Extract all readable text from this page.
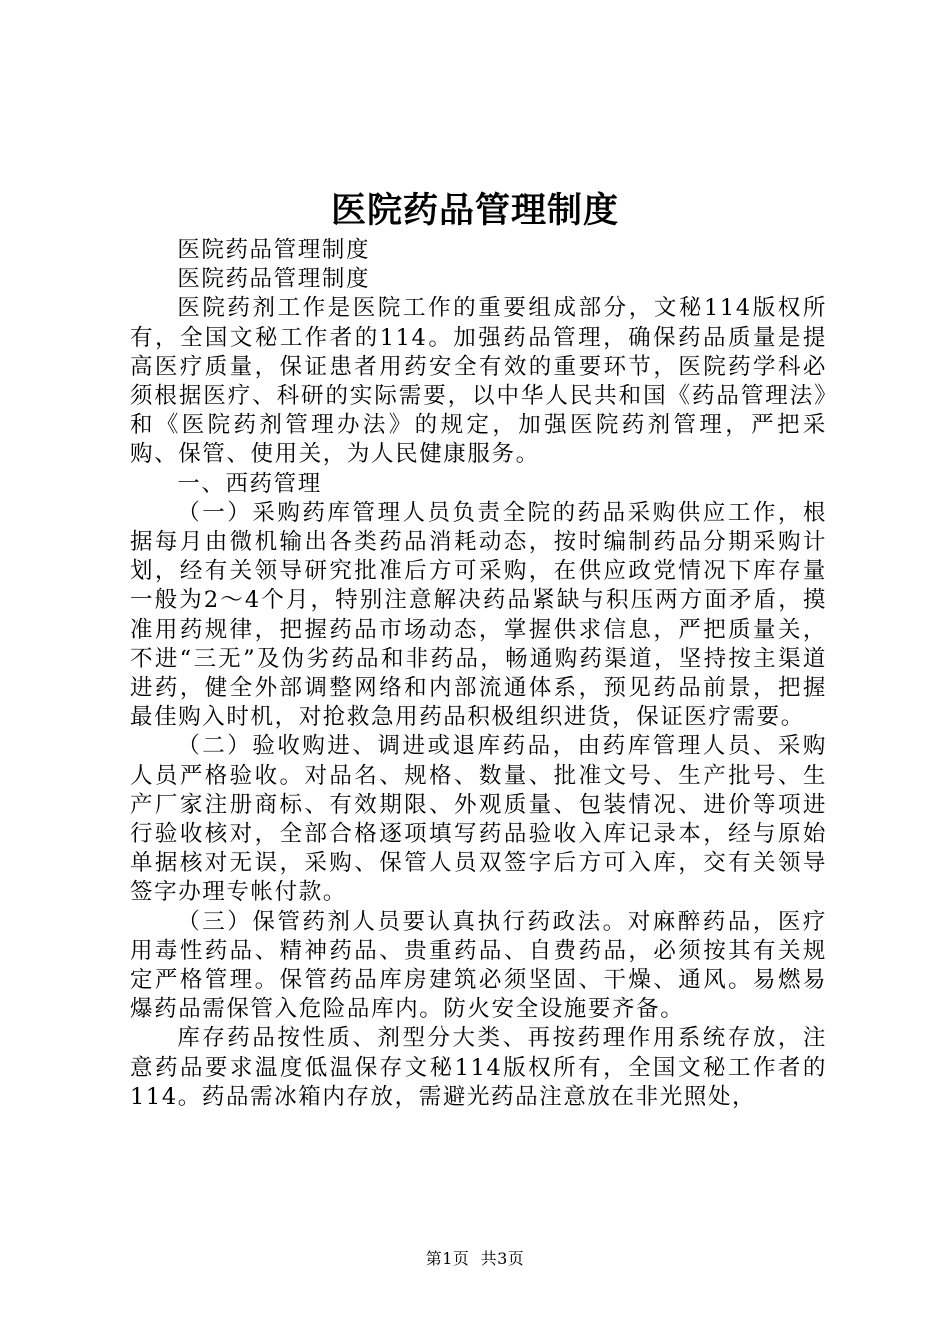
医院药品管理制度

医院药品管理制度

医院药品管理制度

医院药剂工作是医院工作的重要组成部分，文秘114版权所有，全国文秘工作者的114。加强药品管理，确保药品质量是提高医疗质量，保证患者用药安全有效的重要环节，医院药学科必须根据医疗、科研的实际需要，以中华人民共和国《药品管理法》和《医院药剂管理办法》的规定，加强医院药剂管理，严把采购、保管、使用关，为人民健康服务。

一、西药管理

（一）采购药库管理人员负责全院的药品采购供应工作，根据每月由微机输出各类药品消耗动态，按时编制药品分期采购计划，经有关领导研究批准后方可采购，在供应政党情况下库存量一般为2～4个月，特别注意解决药品紧缺与积压两方面矛盾，摸准用药规律，把握药品市场动态，掌握供求信息，严把质量关，不进“三无”及伪劣药品和非药品，畅通购药渠道，坚持按主渠道进药，健全外部调整网络和内部流通体系，预见药品前景，把握最佳购入时机，对抢救急用药品积极组织进货，保证医疗需要。

（二）验收购进、调进或退库药品，由药库管理人员、采购人员严格验收。对品名、规格、数量、批准文号、生产批号、生产厂家注册商标、有效期限、外观质量、包装情况、进价等项进行验收核对，全部合格逐项填写药品验收入库记录本，经与原始单据核对无误，采购、保管人员双签字后方可入库，交有关领导签字办理专帐付款。

（三）保管药剂人员要认真执行药政法。对麻醉药品，医疗用毒性药品、精神药品、贵重药品、自费药品，必须按其有关规定严格管理。保管药品库房建筑必须坚固、干燥、通风。易燃易爆药品需保管入危险品库内。防火安全设施要齐备。

库存药品按性质、剂型分大类、再按药理作用系统存放，注意药品要求温度低温保存文秘114版权所有，全国文秘工作者的114。药品需冰箱内存放，需避光药品注意放在非光照处，

第1页  共3页
